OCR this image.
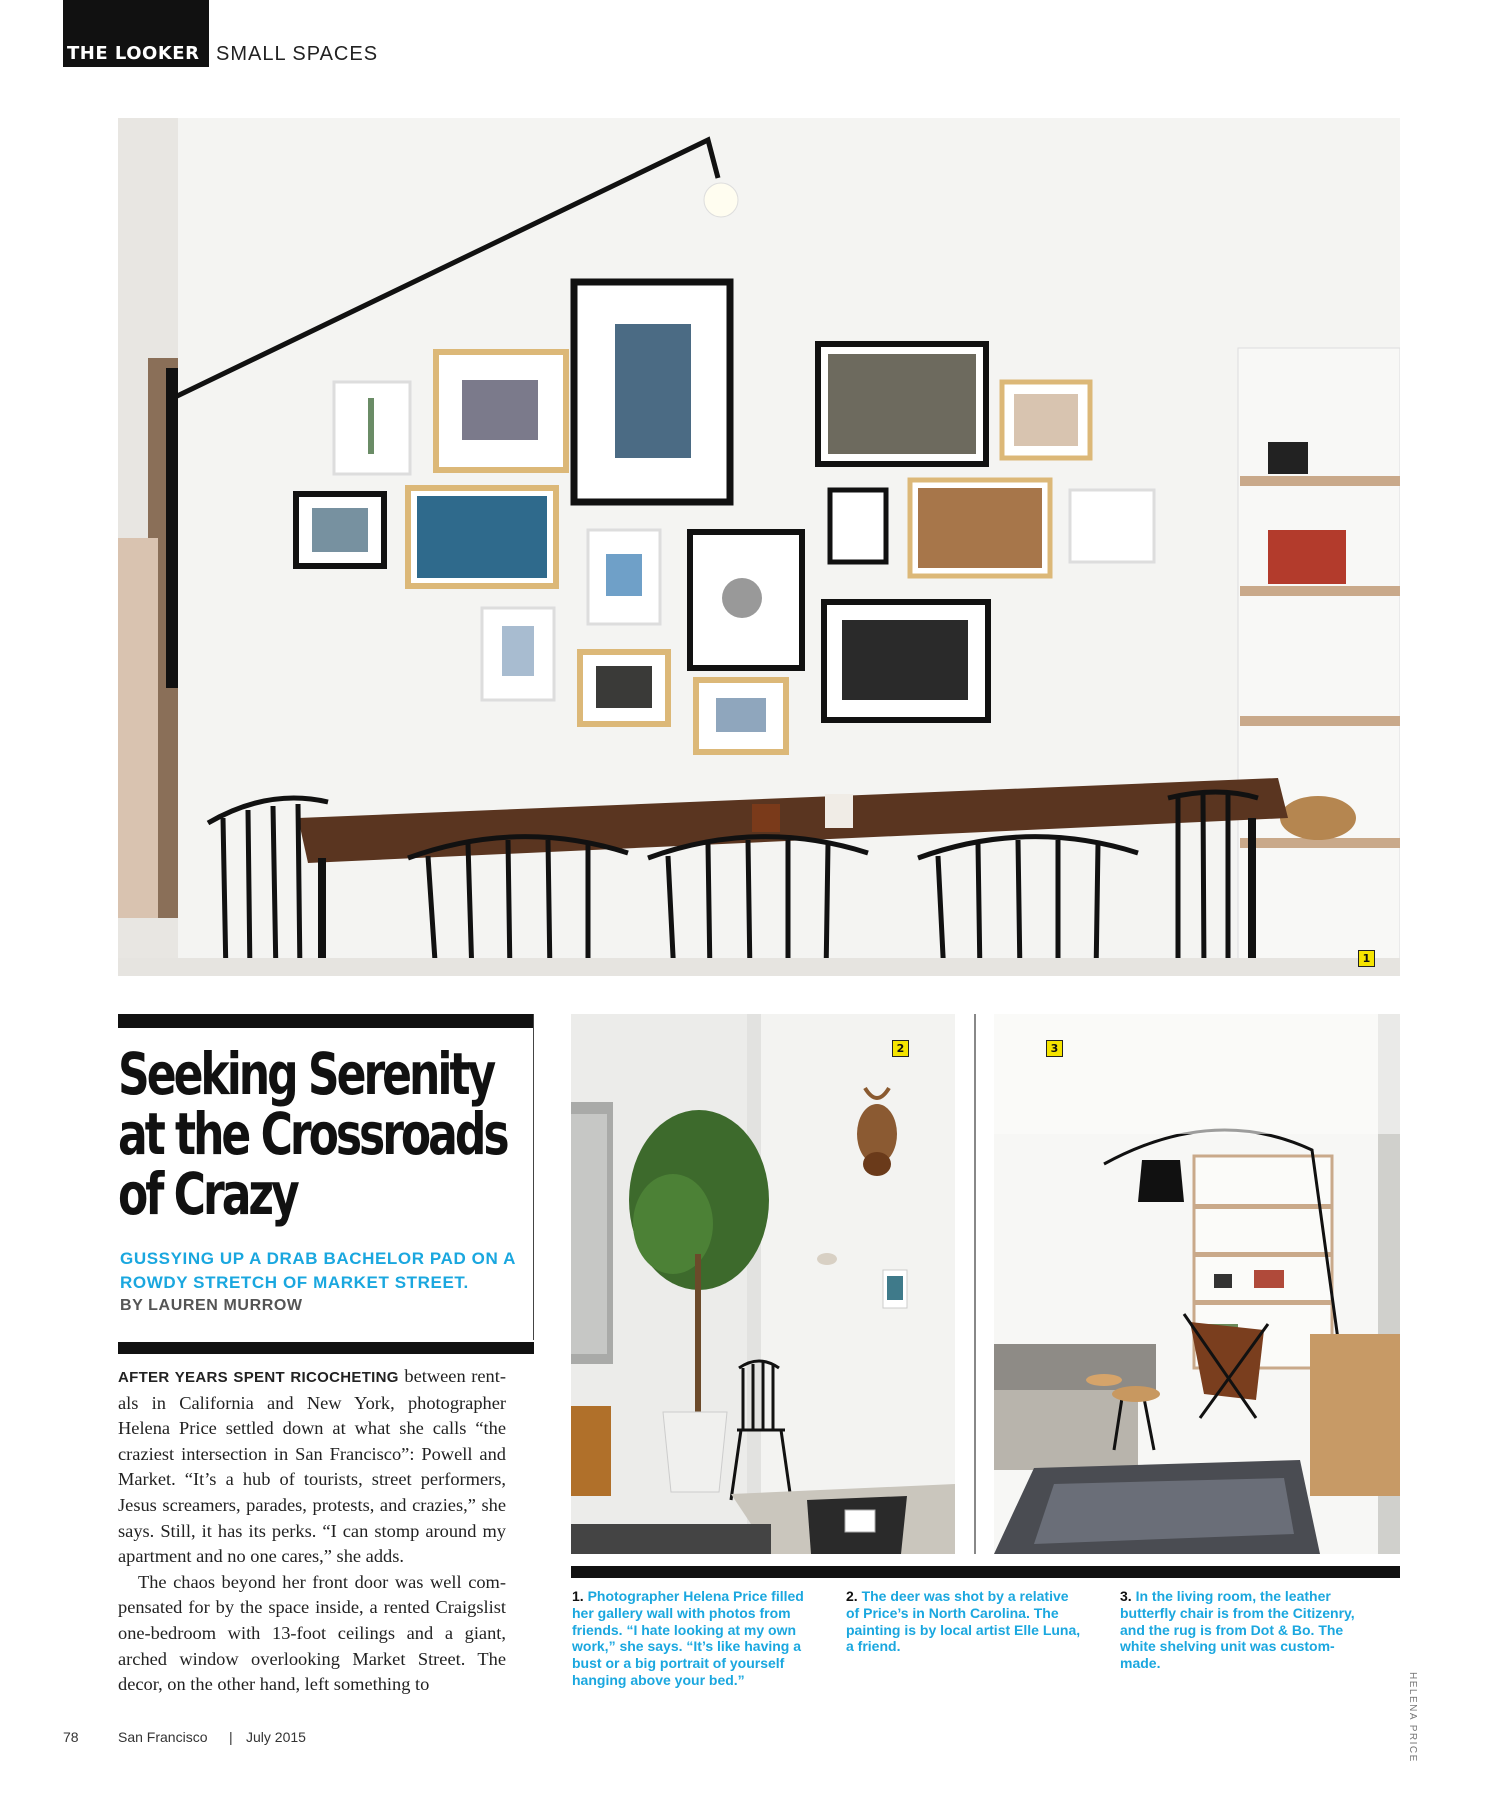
THE LOOKER SMALL SPACES
1
2	3
Seeking Serenity
at the Crossroads
of Crazy
GUSSYING UP A DRAB BACHELOR PAD ON A ROWDY STRETCH OF MARKET STREET.
BY LAUREN MURROW

AFTER YEARS SPENT RICOCHETING between rentals in California and New York, photographer Helena Price settled down at what she calls “the craziest intersection in San Francisco”: Powell and Market. “It’s a hub of tourists, street performers, Jesus screamers, parades, protests, and crazies,” she says. Still, it has its perks. “I can stomp around my apartment and no one cares,” she adds.

The chaos beyond her front door was well compensated for by the space inside, a rented Craigslist one-bedroom with 13-foot ceilings and a giant, arched window overlooking Market Street. The decor, on the other hand, left something to

1. Photographer Helena Price filled her gallery wall with photos from friends. “I hate looking at my own work,” she says. “It’s like having a bust or a big portrait of yourself hanging above your bed.”
2. The deer was shot by a relative of Price’s in North Carolina. The painting is by local artist Elle Luna, a friend.
3. In the living room, the leather butterfly chair is from the Citizenry, and the rug is from Dot & Bo. The white shelving unit was custom-made.
HELENA PRICE
78	San Francisco | July 2015
